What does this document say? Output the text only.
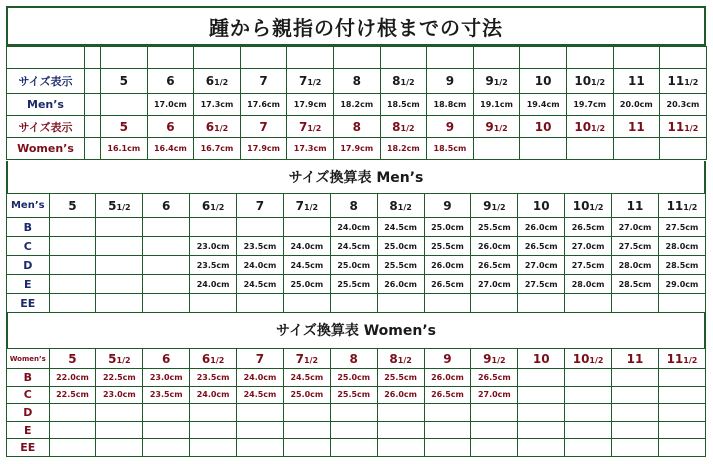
踵から親指の付け根までの寸法

サイズ表示		5	6	61/2	7	71/2	8	81/2	9	91/2	10	101/2	11	111/2
Men’s			17.0cm	17.3cm	17.6cm	17.9cm	18.2cm	18.5cm	18.8cm	19.1cm	19.4cm	19.7cm	20.0cm	20.3cm
サイズ表示		5	6	61/2	7	71/2	8	81/2	9	91/2	10	101/2	11	111/2
Women’s		16.1cm	16.4cm	16.7cm	17.9cm	17.3cm	17.9cm	18.2cm	18.5cm					
サイズ換算表 Men’s
Men’s	5	51/2	6	61/2	7	71/2	8	81/2	9	91/2	10	101/2	11	111/2
B							24.0cm	24.5cm	25.0cm	25.5cm	26.0cm	26.5cm	27.0cm	27.5cm
C				23.0cm	23.5cm	24.0cm	24.5cm	25.0cm	25.5cm	26.0cm	26.5cm	27.0cm	27.5cm	28.0cm
D				23.5cm	24.0cm	24.5cm	25.0cm	25.5cm	26.0cm	26.5cm	27.0cm	27.5cm	28.0cm	28.5cm
E				24.0cm	24.5cm	25.0cm	25.5cm	26.0cm	26.5cm	27.0cm	27.5cm	28.0cm	28.5cm	29.0cm
EE														
サイズ換算表 Women’s
Women’s	5	51/2	6	61/2	7	71/2	8	81/2	9	91/2	10	101/2	11	111/2
B	22.0cm	22.5cm	23.0cm	23.5cm	24.0cm	24.5cm	25.0cm	25.5cm	26.0cm	26.5cm				
C	22.5cm	23.0cm	23.5cm	24.0cm	24.5cm	25.0cm	25.5cm	26.0cm	26.5cm	27.0cm				
D														
E														
EE														
